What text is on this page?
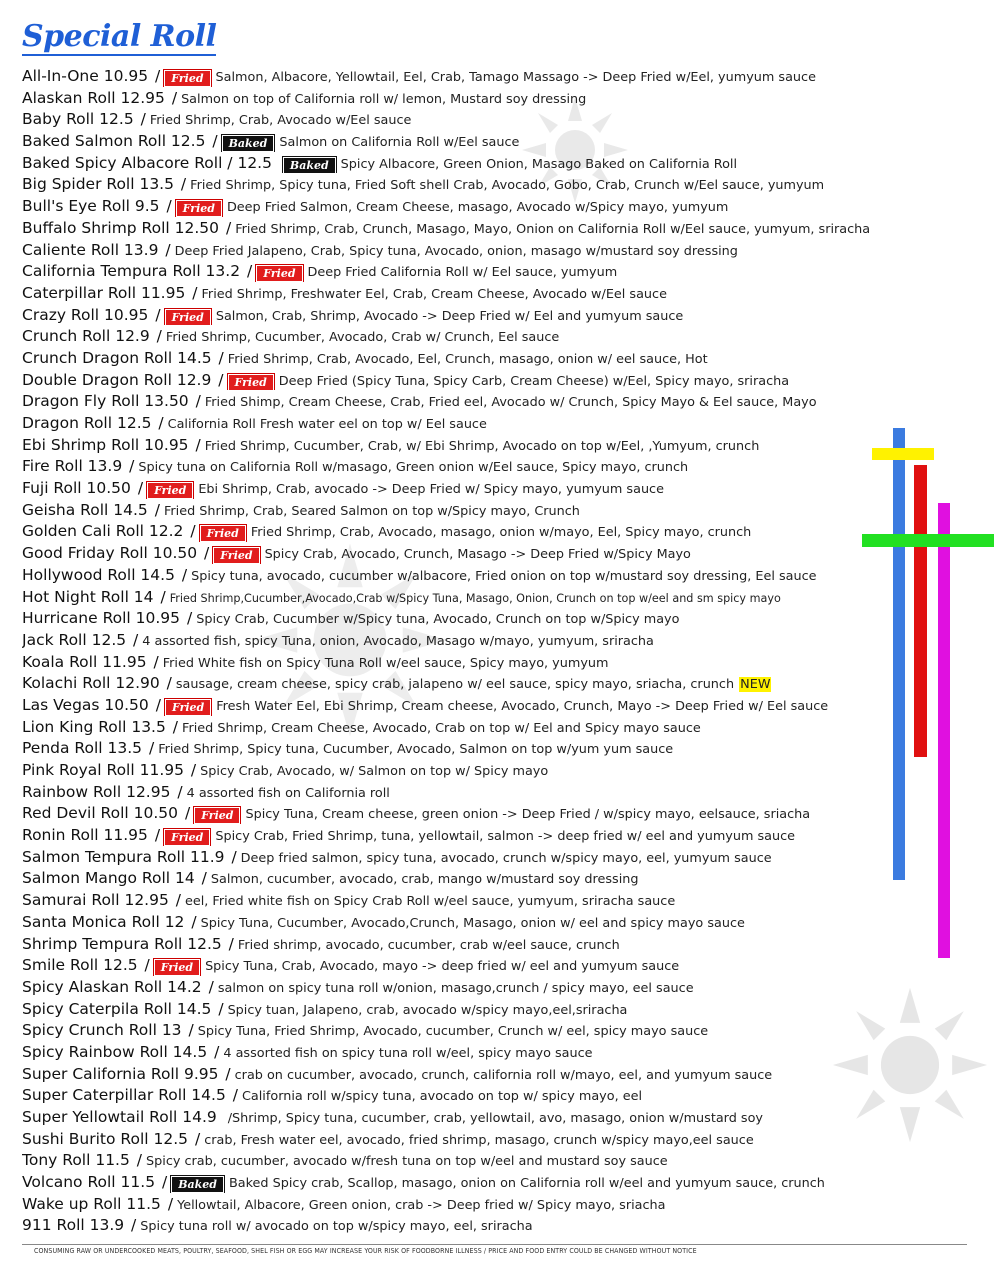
Special Roll
All-In-One 10.95 / Fried Salmon, Albacore, Yellowtail, Eel, Crab, Tamago Massago -> Deep Fried w/Eel, yumyum sauce
Alaskan Roll 12.95 / Salmon on top of California roll w/ lemon, Mustard soy dressing
Baby Roll 12.5 / Fried Shrimp, Crab, Avocado w/Eel sauce
Baked Salmon Roll 12.5 / Baked Salmon on California Roll w/Eel sauce
Baked Spicy Albacore Roll / 12.5 Baked Spicy Albacore, Green Onion, Masago Baked on California Roll
Big Spider Roll 13.5 / Fried Shrimp, Spicy tuna, Fried Soft shell Crab, Avocado, Gobo, Crab, Crunch w/Eel sauce, yumyum
Bull's Eye Roll 9.5 / Fried Deep Fried Salmon, Cream Cheese, masago, Avocado w/Spicy mayo, yumyum
Buffalo Shrimp Roll 12.50 / Fried Shrimp, Crab, Crunch, Masago, Mayo, Onion on California Roll w/Eel sauce, yumyum, sriracha
Caliente Roll 13.9 / Deep Fried Jalapeno, Crab, Spicy tuna, Avocado, onion, masago w/mustard soy dressing
California Tempura Roll 13.2 / Fried Deep Fried California Roll w/ Eel sauce, yumyum
Caterpillar Roll 11.95 / Fried Shrimp, Freshwater Eel, Crab, Cream Cheese, Avocado w/Eel sauce
Crazy Roll 10.95 / Fried Salmon, Crab, Shrimp, Avocado -> Deep Fried w/ Eel and yumyum sauce
Crunch Roll 12.9 / Fried Shrimp, Cucumber, Avocado, Crab w/ Crunch, Eel sauce
Crunch Dragon Roll 14.5 / Fried Shrimp, Crab, Avocado, Eel, Crunch, masago, onion w/ eel sauce, Hot
Double Dragon Roll 12.9 / Fried Deep Fried (Spicy Tuna, Spicy Carb, Cream Cheese) w/Eel, Spicy mayo, sriracha
Dragon Fly Roll 13.50 / Fried Shimp, Cream Cheese, Crab, Fried eel, Avocado w/ Crunch, Spicy Mayo & Eel sauce, Mayo
Dragon Roll 12.5 / California Roll Fresh water eel on top w/ Eel sauce
Ebi Shrimp Roll 10.95 / Fried Shrimp, Cucumber, Crab, w/ Ebi Shrimp, Avocado on top w/Eel, ,Yumyum, crunch
Fire Roll 13.9 / Spicy tuna on California Roll w/masago, Green onion w/Eel sauce, Spicy mayo, crunch
Fuji Roll 10.50 / Fried Ebi Shrimp, Crab, avocado -> Deep Fried w/ Spicy mayo, yumyum sauce
Geisha Roll 14.5 / Fried Shrimp, Crab, Seared Salmon on top w/Spicy mayo, Crunch
Golden Cali Roll 12.2 / Fried Fried Shrimp, Crab, Avocado, masago, onion w/mayo, Eel, Spicy mayo, crunch
Good Friday Roll 10.50 / Fried Spicy Crab, Avocado, Crunch, Masago -> Deep Fried w/Spicy Mayo
Hollywood Roll 14.5 / Spicy tuna, avocado, cucumber w/albacore, Fried onion on top w/mustard soy dressing, Eel sauce
Hot Night Roll 14 / Fried Shrimp,Cucumber,Avocado,Crab w/Spicy Tuna, Masago, Onion, Crunch on top w/eel and sm spicy mayo
Hurricane Roll 10.95 / Spicy Crab, Cucumber w/Spicy tuna, Avocado, Crunch on top w/Spicy mayo
Jack Roll 12.5 / 4 assorted fish, spicy Tuna, onion, Avocado, Masago w/mayo, yumyum, sriracha
Koala Roll 11.95 / Fried White fish on Spicy Tuna Roll w/eel sauce, Spicy mayo, yumyum
Kolachi Roll 12.90 / sausage, cream cheese, spicy crab, jalapeno w/ eel sauce, spicy mayo, sriacha, crunch NEW
Las Vegas 10.50 / Fried Fresh Water Eel, Ebi Shrimp, Cream cheese, Avocado, Crunch, Mayo -> Deep Fried w/ Eel sauce
Lion King Roll 13.5 / Fried Shrimp, Cream Cheese, Avocado, Crab on top w/ Eel and Spicy mayo sauce
Penda Roll 13.5 / Fried Shrimp, Spicy tuna, Cucumber, Avocado, Salmon on top w/yum yum sauce
Pink Royal Roll 11.95 / Spicy Crab, Avocado, w/ Salmon on top w/ Spicy mayo
Rainbow Roll 12.95 / 4 assorted fish on California roll
Red Devil Roll 10.50 / Fried Spicy Tuna, Cream cheese, green onion -> Deep Fried / w/spicy mayo, eelsauce, sriacha
Ronin Roll 11.95 / Fried Spicy Crab, Fried Shrimp, tuna, yellowtail, salmon -> deep fried w/ eel and yumyum sauce
Salmon Tempura Roll 11.9 / Deep fried salmon, spicy tuna, avocado, crunch w/spicy mayo, eel, yumyum sauce
Salmon Mango Roll 14 / Salmon, cucumber, avocado, crab, mango w/mustard soy dressing
Samurai Roll 12.95 / eel, Fried white fish on Spicy Crab Roll w/eel sauce, yumyum, sriracha sauce
Santa Monica Roll 12 / Spicy Tuna, Cucumber, Avocado,Crunch, Masago, onion w/ eel and spicy mayo sauce
Shrimp Tempura Roll 12.5 / Fried shrimp, avocado, cucumber, crab w/eel sauce, crunch
Smile Roll 12.5 / Fried Spicy Tuna, Crab, Avocado, mayo -> deep fried w/ eel and yumyum sauce
Spicy Alaskan Roll 14.2 / salmon on spicy tuna roll w/onion, masago,crunch / spicy mayo, eel sauce
Spicy Caterpila Roll 14.5 / Spicy tuan, Jalapeno, crab, avocado w/spicy mayo,eel,sriracha
Spicy Crunch Roll 13 / Spicy Tuna, Fried Shrimp, Avocado, cucumber, Crunch w/ eel, spicy mayo sauce
Spicy Rainbow Roll 14.5 / 4 assorted fish on spicy tuna roll w/eel, spicy mayo sauce
Super California Roll 9.95 / crab on cucumber, avocado, crunch, california roll w/mayo, eel, and yumyum sauce
Super Caterpillar Roll 14.5 / California roll w/spicy tuna, avocado on top w/ spicy mayo, eel
Super Yellowtail Roll 14.9 /Shrimp, Spicy tuna, cucumber, crab, yellowtail, avo, masago, onion w/mustard soy
Sushi Burito Roll 12.5 / crab, Fresh water eel, avocado, fried shrimp, masago, crunch w/spicy mayo,eel sauce
Tony Roll 11.5 / Spicy crab, cucumber, avocado w/fresh tuna on top w/eel and mustard soy sauce
Volcano Roll 11.5 / Baked Baked Spicy crab, Scallop, masago, onion on California roll w/eel and yumyum sauce, crunch
Wake up Roll 11.5 / Yellowtail, Albacore, Green onion, crab -> Deep fried w/ Spicy mayo, sriacha
911 Roll 13.9 / Spicy tuna roll w/ avocado on top w/spicy mayo, eel, sriracha
CONSUMING RAW OR UNDERCOOKED MEATS, POULTRY, SEAFOOD, SHEL FISH OR EGG MAY INCREASE YOUR RISK OF FOODBORNE ILLNESS / PRICE AND FOOD ENTRY COULD BE CHANGED WITHOUT NOTICE
